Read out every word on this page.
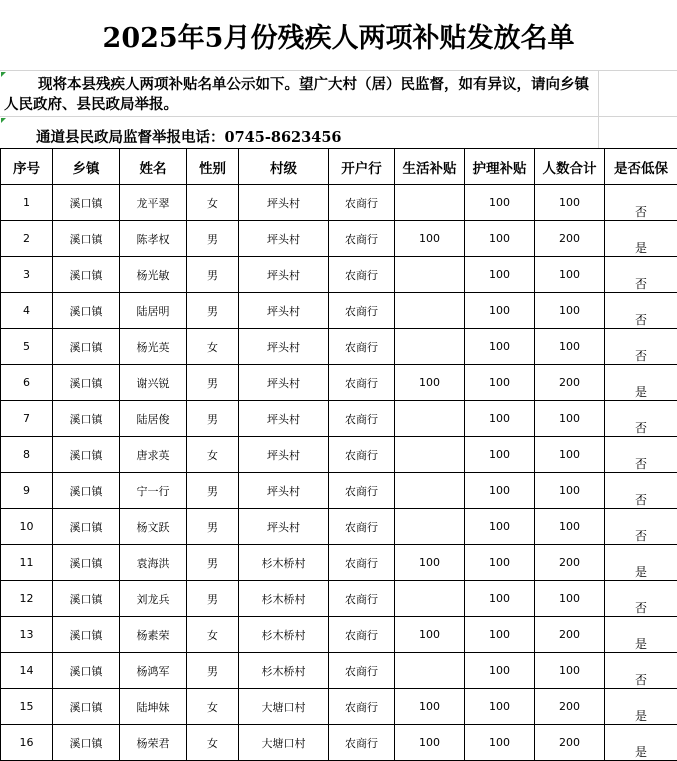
2025年5月份残疾人两项补贴发放名单
现将本县残疾人两项补贴名单公示如下。望广大村（居）民监督，如有异议，请向乡镇人民政府、县民政局举报。
通道县民政局监督举报电话：0745-8623456
序号	乡镇	姓名	性别	村级	开户行	生活补贴	护理补贴	人数合计	是否低保
1	溪口镇	龙平翠	女	坪头村	农商行		100	100	否
2	溪口镇	陈孝权	男	坪头村	农商行	100	100	200	是
3	溪口镇	杨光敏	男	坪头村	农商行		100	100	否
4	溪口镇	陆居明	男	坪头村	农商行		100	100	否
5	溪口镇	杨光英	女	坪头村	农商行		100	100	否
6	溪口镇	谢兴锐	男	坪头村	农商行	100	100	200	是
7	溪口镇	陆居俊	男	坪头村	农商行		100	100	否
8	溪口镇	唐求英	女	坪头村	农商行		100	100	否
9	溪口镇	宁一行	男	坪头村	农商行		100	100	否
10	溪口镇	杨文跃	男	坪头村	农商行		100	100	否
11	溪口镇	袁海洪	男	杉木桥村	农商行	100	100	200	是
12	溪口镇	刘龙兵	男	杉木桥村	农商行		100	100	否
13	溪口镇	杨素荣	女	杉木桥村	农商行	100	100	200	是
14	溪口镇	杨鸿军	男	杉木桥村	农商行		100	100	否
15	溪口镇	陆坤妹	女	大塘口村	农商行	100	100	200	是
16	溪口镇	杨荣君	女	大塘口村	农商行	100	100	200	是
